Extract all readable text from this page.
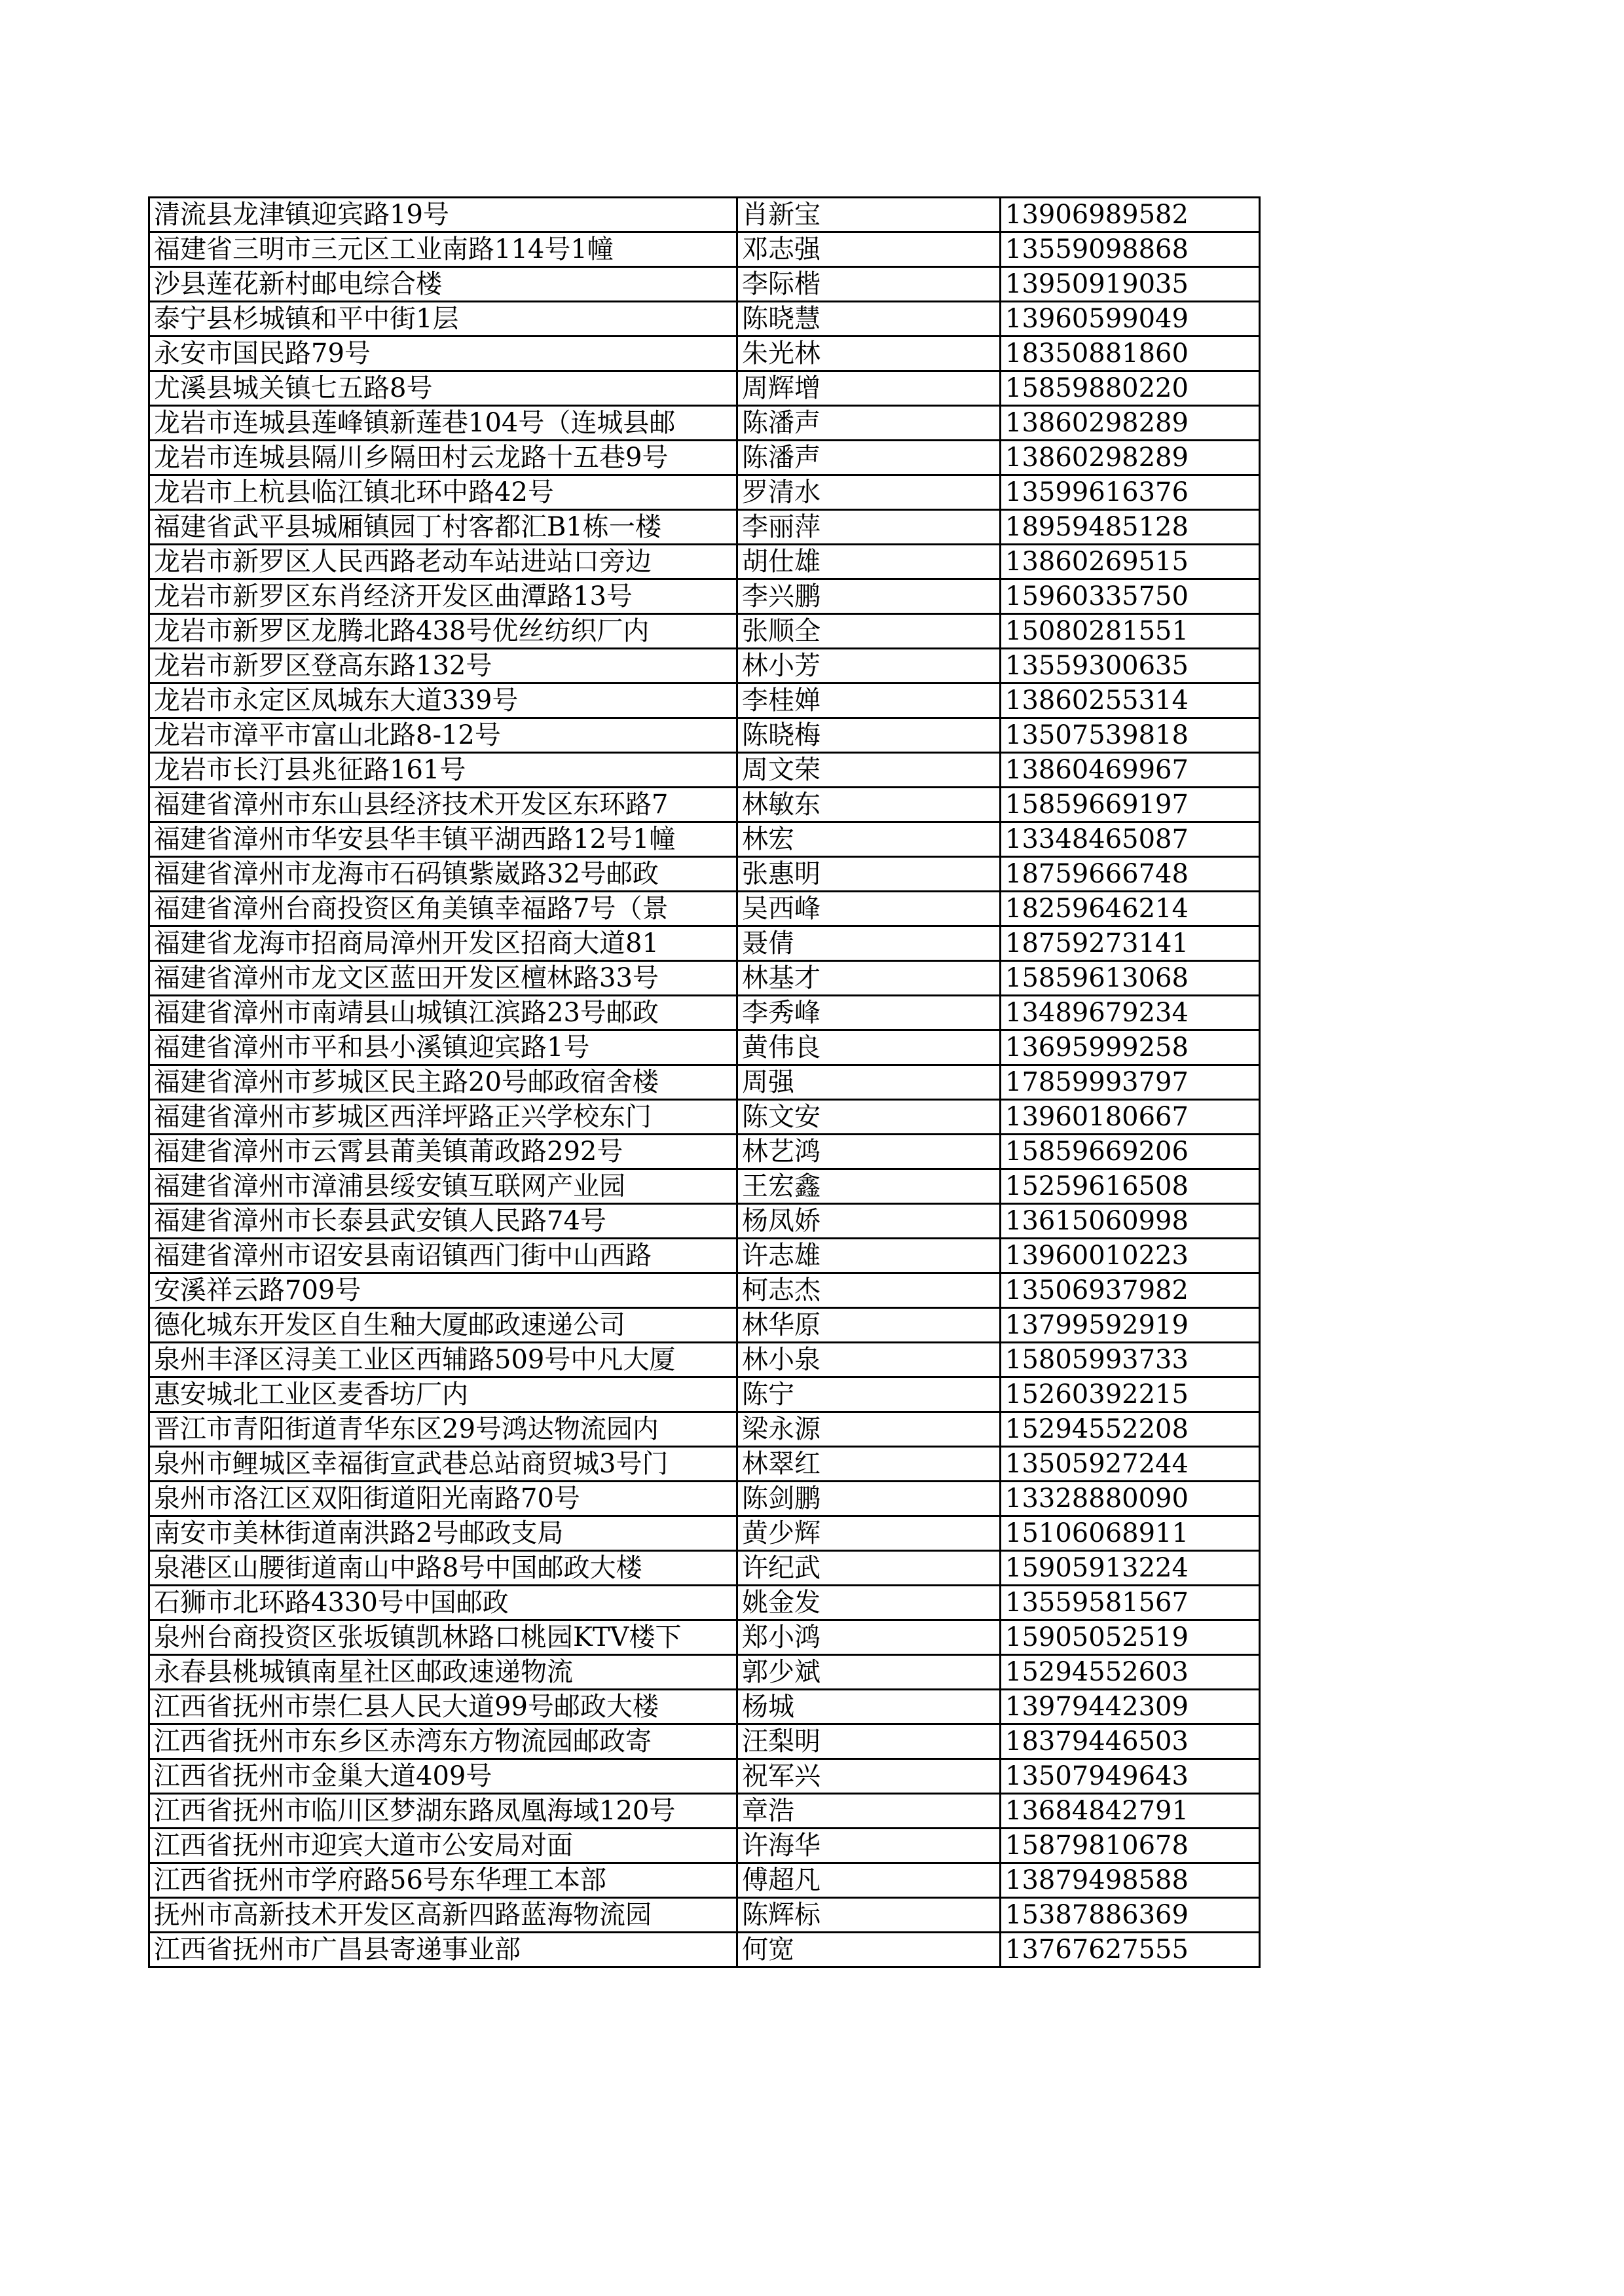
清流县龙津镇迎宾路19号	肖新宝	13906989582
福建省三明市三元区工业南路114号1幢	邓志强	13559098868
沙县莲花新村邮电综合楼	李际楷	13950919035
泰宁县杉城镇和平中街1层	陈晓慧	13960599049
永安市国民路79号	朱光林	18350881860
尤溪县城关镇七五路8号	周辉增	15859880220
龙岩市连城县莲峰镇新莲巷104号（连城县邮	陈潘声	13860298289
龙岩市连城县隔川乡隔田村云龙路十五巷9号	陈潘声	13860298289
龙岩市上杭县临江镇北环中路42号	罗清水	13599616376
福建省武平县城厢镇园丁村客都汇B1栋一楼	李丽萍	18959485128
龙岩市新罗区人民西路老动车站进站口旁边	胡仕雄	13860269515
龙岩市新罗区东肖经济开发区曲潭路13号	李兴鹏	15960335750
龙岩市新罗区龙腾北路438号优丝纺织厂内	张顺全	15080281551
龙岩市新罗区登高东路132号	林小芳	13559300635
龙岩市永定区凤城东大道339号	李桂婵	13860255314
龙岩市漳平市富山北路8-12号	陈晓梅	13507539818
龙岩市长汀县兆征路161号	周文荣	13860469967
福建省漳州市东山县经济技术开发区东环路7	林敏东	15859669197
福建省漳州市华安县华丰镇平湖西路12号1幢	林宏	13348465087
福建省漳州市龙海市石码镇紫崴路32号邮政	张惠明	18759666748
福建省漳州台商投资区角美镇幸福路7号（景	吴西峰	18259646214
福建省龙海市招商局漳州开发区招商大道81	聂倩	18759273141
福建省漳州市龙文区蓝田开发区檀林路33号	林基才	15859613068
福建省漳州市南靖县山城镇江滨路23号邮政	李秀峰	13489679234
福建省漳州市平和县小溪镇迎宾路1号	黄伟良	13695999258
福建省漳州市芗城区民主路20号邮政宿舍楼	周强	17859993797
福建省漳州市芗城区西洋坪路正兴学校东门	陈文安	13960180667
福建省漳州市云霄县莆美镇莆政路292号	林艺鸿	15859669206
福建省漳州市漳浦县绥安镇互联网产业园	王宏鑫	15259616508
福建省漳州市长泰县武安镇人民路74号	杨凤娇	13615060998
福建省漳州市诏安县南诏镇西门街中山西路	许志雄	13960010223
安溪祥云路709号	柯志杰	13506937982
德化城东开发区自生釉大厦邮政速递公司	林华原	13799592919
泉州丰泽区浔美工业区西辅路509号中凡大厦	林小泉	15805993733
惠安城北工业区麦香坊厂内	陈宁	15260392215
晋江市青阳街道青华东区29号鸿达物流园内	梁永源	15294552208
泉州市鲤城区幸福街宣武巷总站商贸城3号门	林翠红	13505927244
泉州市洛江区双阳街道阳光南路70号	陈剑鹏	13328880090
南安市美林街道南洪路2号邮政支局	黄少辉	15106068911
泉港区山腰街道南山中路8号中国邮政大楼	许纪武	15905913224
石狮市北环路4330号中国邮政	姚金发	13559581567
泉州台商投资区张坂镇凯林路口桃园KTV楼下	郑小鸿	15905052519
永春县桃城镇南星社区邮政速递物流	郭少斌	15294552603
江西省抚州市崇仁县人民大道99号邮政大楼	杨城	13979442309
江西省抚州市东乡区赤湾东方物流园邮政寄	汪梨明	18379446503
江西省抚州市金巢大道409号	祝军兴	13507949643
江西省抚州市临川区梦湖东路凤凰海域120号	章浩	13684842791
江西省抚州市迎宾大道市公安局对面	许海华	15879810678
江西省抚州市学府路56号东华理工本部	傅超凡	13879498588
抚州市高新技术开发区高新四路蓝海物流园	陈辉标	15387886369
江西省抚州市广昌县寄递事业部	何宽	13767627555
